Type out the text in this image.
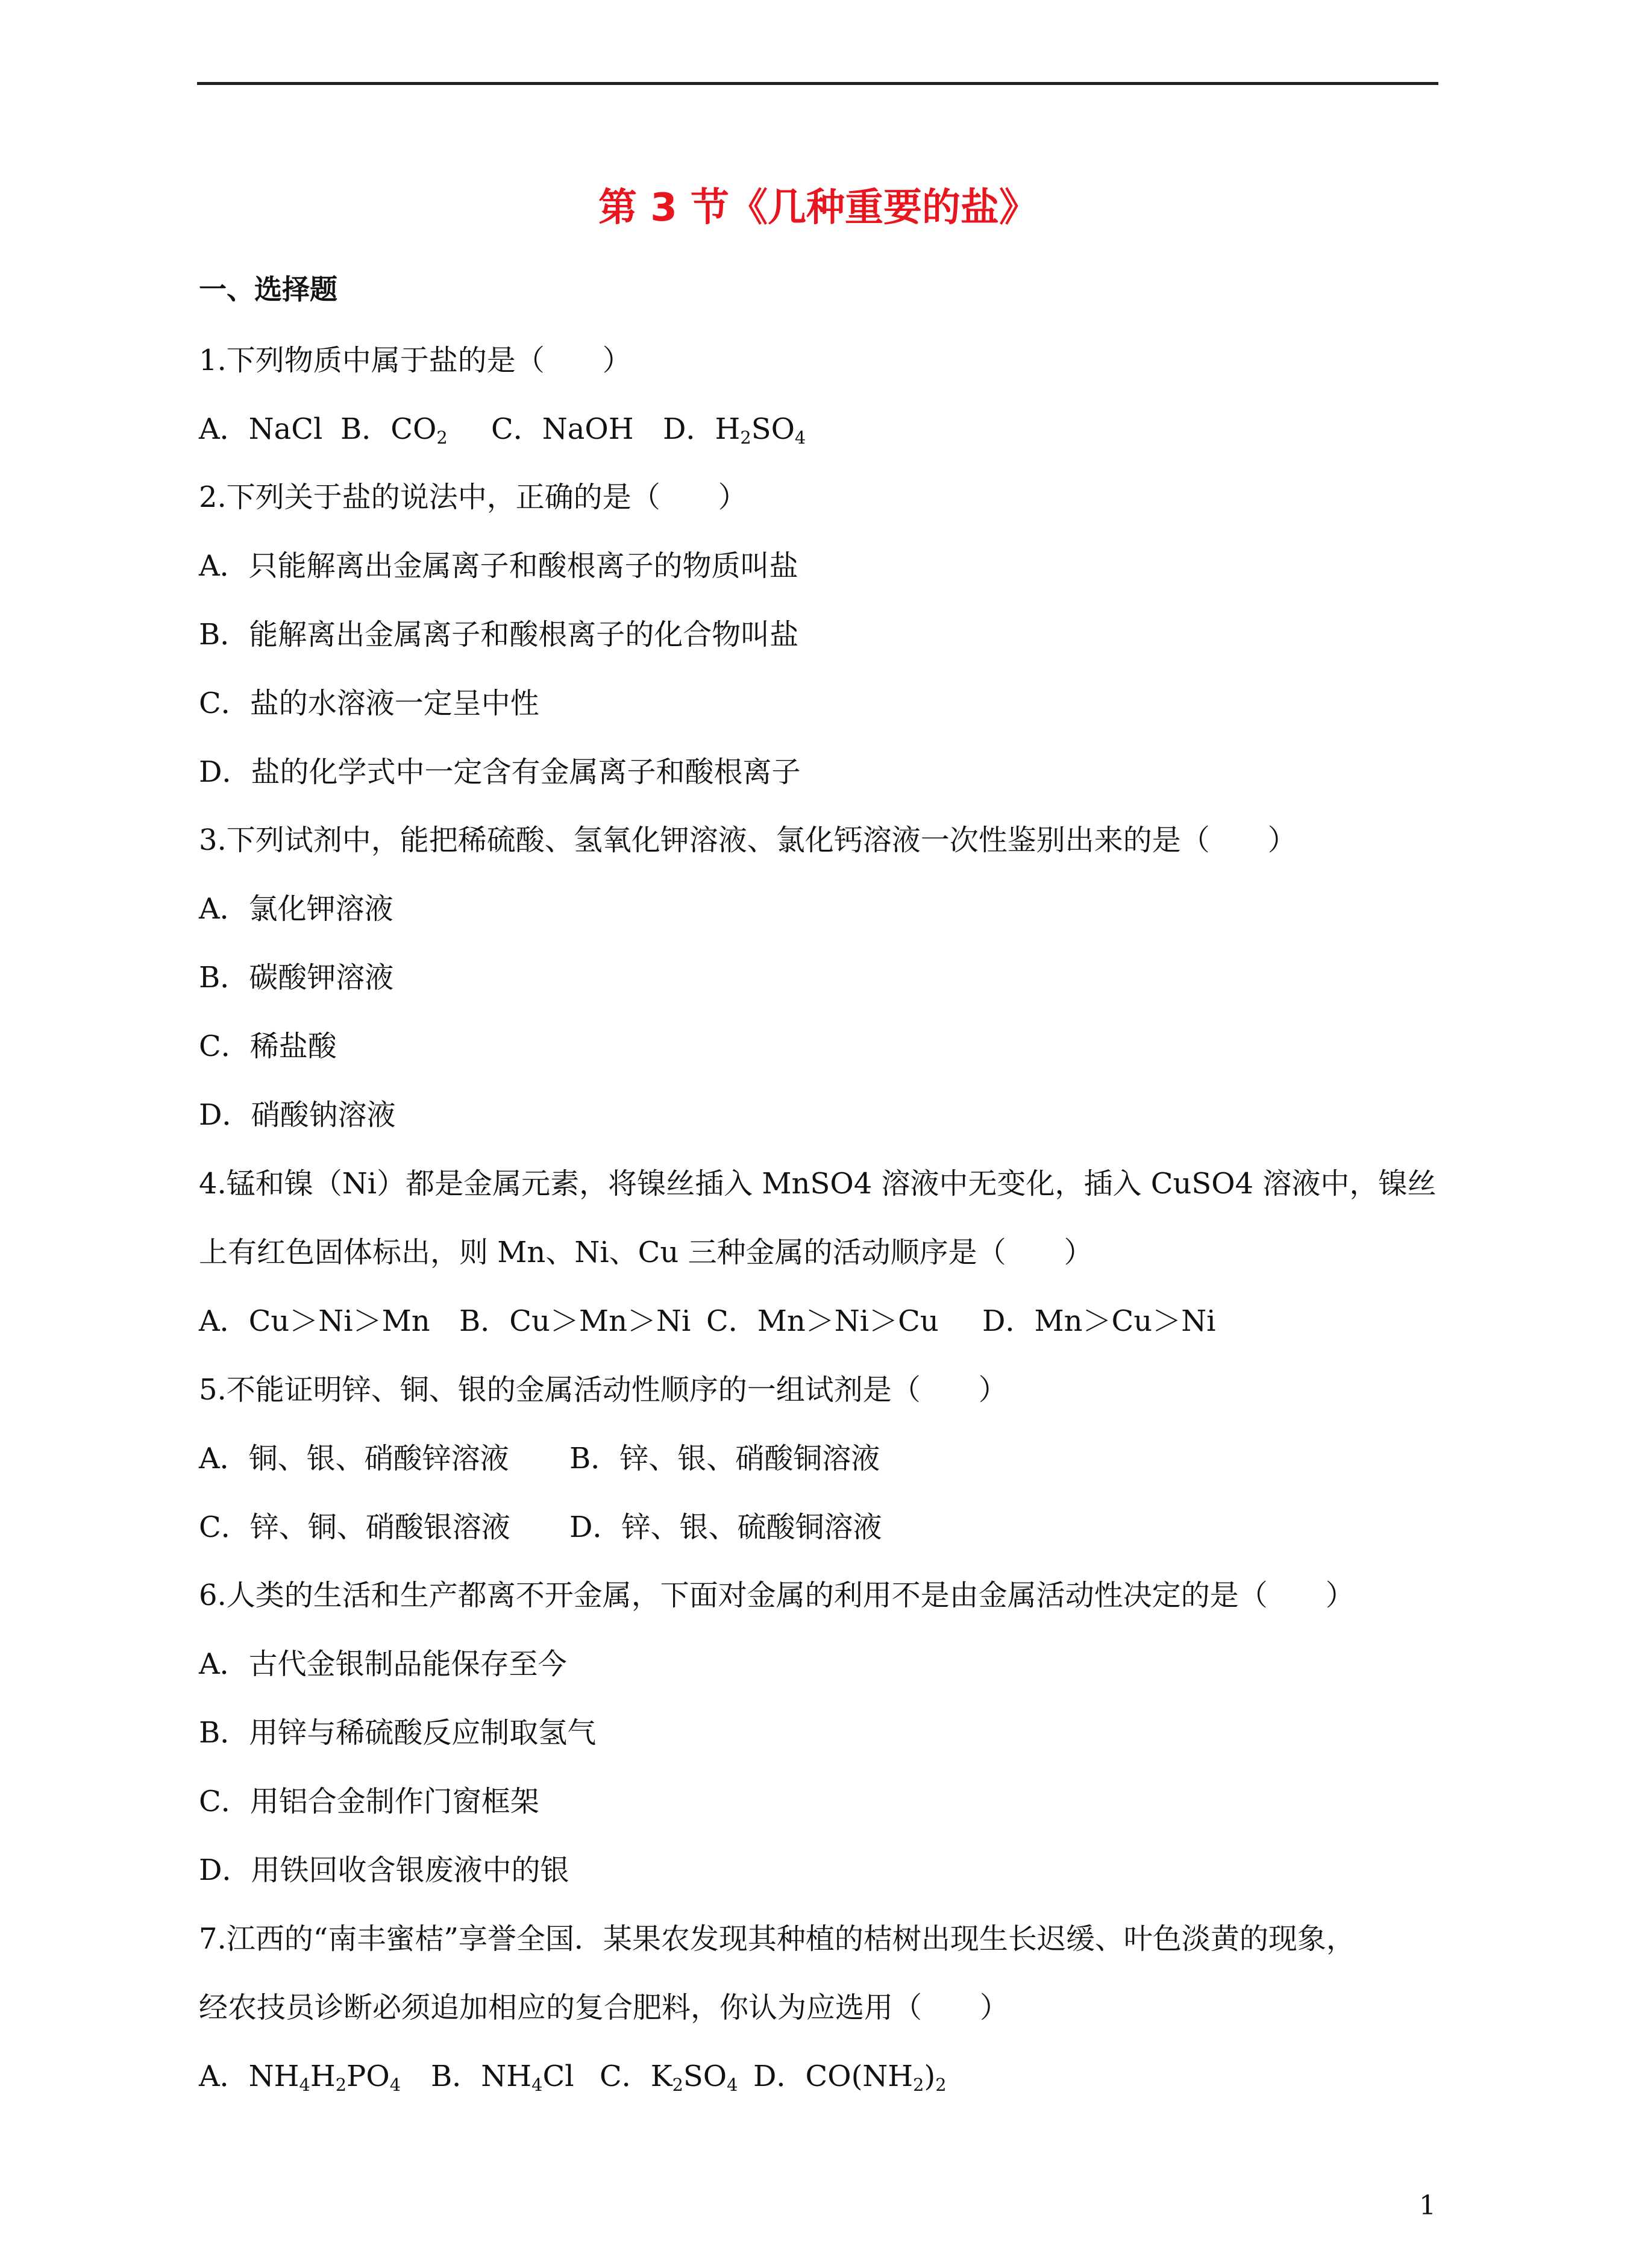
第 3 节《几种重要的盐》
一、选择题
1.下列物质中属于盐的是（　　）
A．NaCl B．$CO_2$ C．NaOH D．$H_2SO_4$
2.下列关于盐的说法中，正确的是（　　）
A．只能解离出金属离子和酸根离子的物质叫盐
B．能解离出金属离子和酸根离子的化合物叫盐
C．盐的水溶液一定呈中性
D．盐的化学式中一定含有金属离子和酸根离子
3.下列试剂中，能把稀硫酸、氢氧化钾溶液、氯化钙溶液一次性鉴别出来的是（　　）
A．氯化钾溶液
B．碳酸钾溶液
C．稀盐酸
D．硝酸钠溶液
4.锰和镍（Ni）都是金属元素，将镍丝插入 MnSO4 溶液中无变化，插入 CuSO4 溶液中，镍丝
上有红色固体标出，则 Mn、Ni、Cu 三种金属的活动顺序是（　　）
A．Cu＞Ni＞Mn B．Cu＞Mn＞Ni C．Mn＞Ni＞Cu D．Mn＞Cu＞Ni
5.不能证明锌、铜、银的金属活动性顺序的一组试剂是（　　）
A．铜、银、硝酸锌溶液 B．锌、银、硝酸铜溶液
C．锌、铜、硝酸银溶液 D．锌、银、硫酸铜溶液
6.人类的生活和生产都离不开金属，下面对金属的利用不是由金属活动性决定的是（　　）
A．古代金银制品能保存至今
B．用锌与稀硫酸反应制取氢气
C．用铝合金制作门窗框架
D．用铁回收含银废液中的银
7.江西的“南丰蜜桔”享誉全国．某果农发现其种植的桔树出现生长迟缓、叶色淡黄的现象，
经农技员诊断必须追加相应的复合肥料，你认为应选用（　　）
A．$NH_4H_2PO_4$ B．$NH_4Cl$ C．$K_2SO_4$ D．$CO(NH_2)_2$
1
